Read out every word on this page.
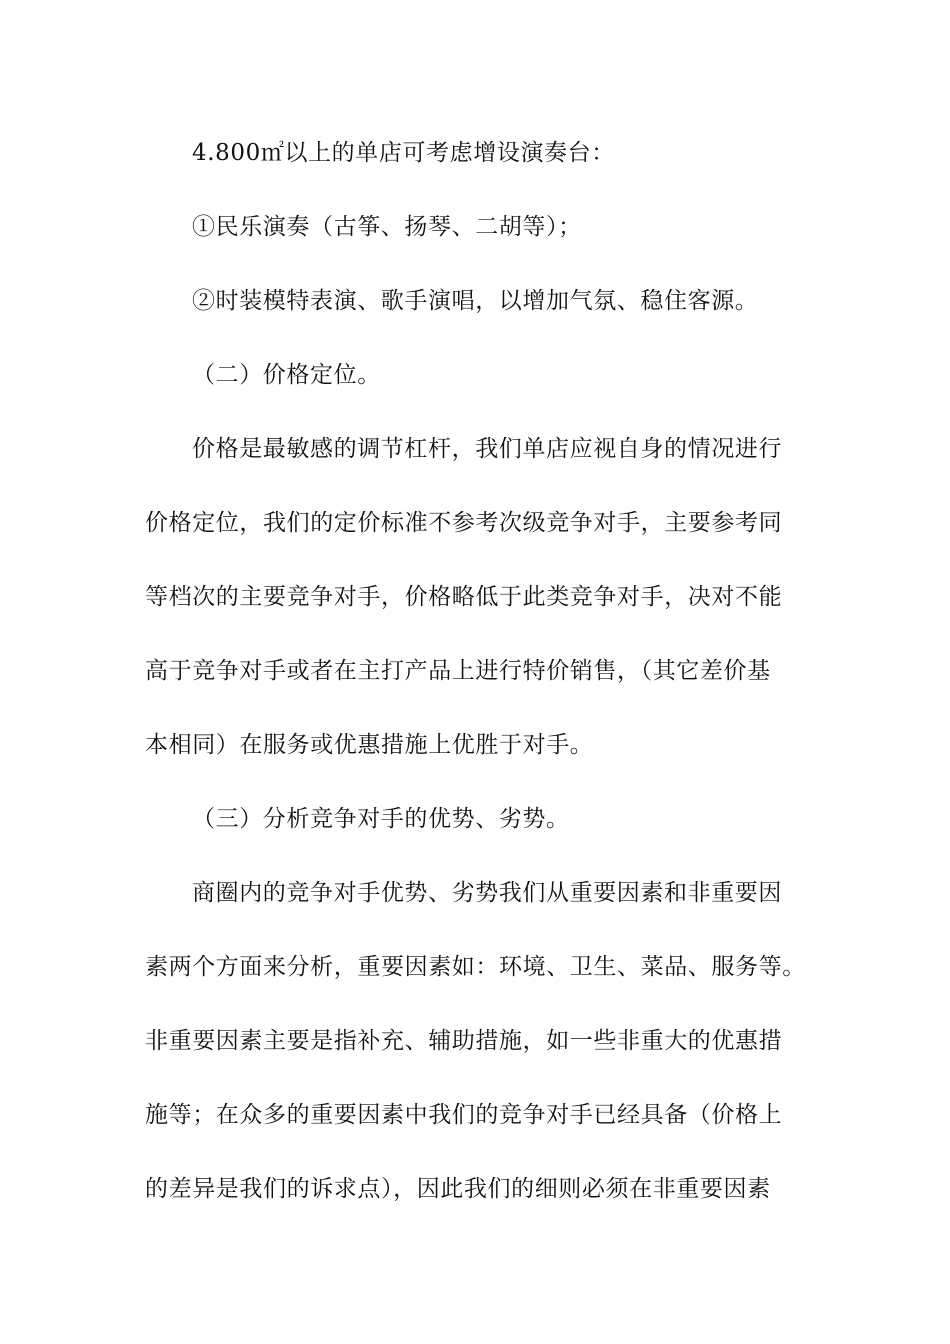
4.800㎡以上的单店可考虑增设演奏台：
①民乐演奏（古筝、扬琴、二胡等）；
②时装模特表演、歌手演唱，以增加气氛、稳住客源。
（二）价格定位。
价格是最敏感的调节杠杆，我们单店应视自身的情况进行
价格定位，我们的定价标准不参考次级竞争对手，主要参考同
等档次的主要竞争对手，价格略低于此类竞争对手，决对不能
高于竞争对手或者在主打产品上进行特价销售，（其它差价基
本相同）在服务或优惠措施上优胜于对手。
（三）分析竞争对手的优势、劣势。
商圈内的竞争对手优势、劣势我们从重要因素和非重要因
素两个方面来分析，重要因素如：环境、卫生、菜品、服务等。
非重要因素主要是指补充、辅助措施，如一些非重大的优惠措
施等；在众多的重要因素中我们的竞争对手已经具备（价格上
的差异是我们的诉求点），因此我们的细则必须在非重要因素
